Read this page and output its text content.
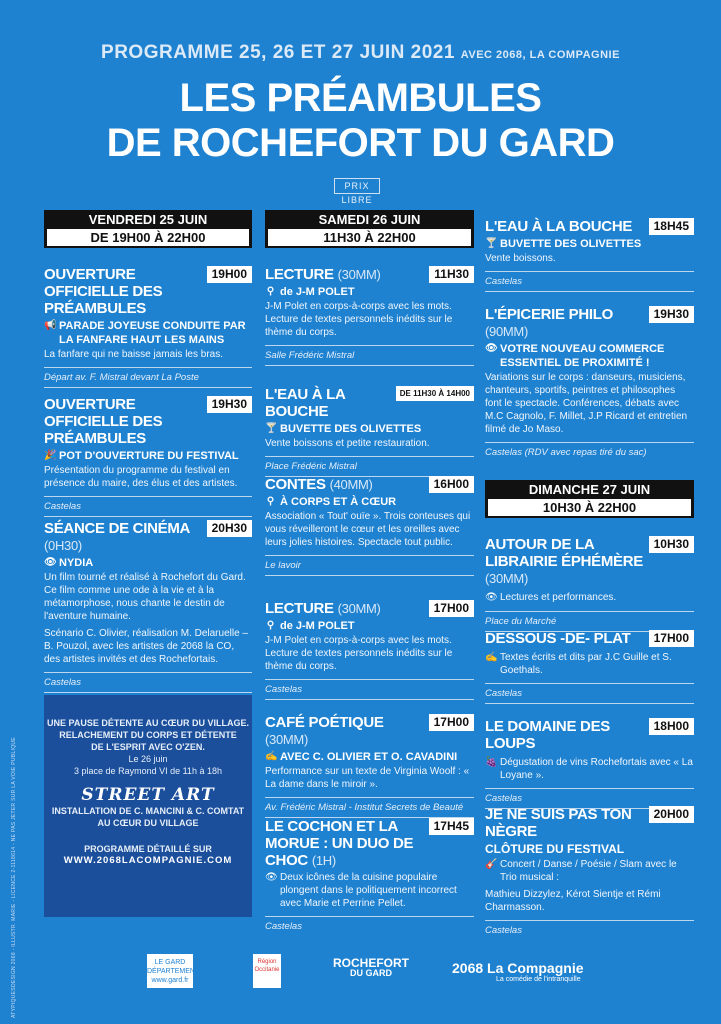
PROGRAMME 25, 26 ET 27 JUIN 2021 AVEC 2068, LA COMPAGNIE
LES PRÉAMBULES
DE ROCHEFORT DU GARD
PRIX LIBRE
VENDREDI 25 JUIN
DE 19H00 À 22H00
OUVERTURE OFFICIELLE DES PRÉAMBULES
19H00
📢 PARADE JOYEUSE CONDUITE PAR LA FANFARE HAUT LES MAINS
La fanfare qui ne baisse jamais les bras.
Départ av. F. Mistral devant La Poste
OUVERTURE OFFICIELLE DES PRÉAMBULES
19H30
🎉 POT D'OUVERTURE DU FESTIVAL
Présentation du programme du festival en présence du maire, des élus et des artistes.
Castelas
SÉANCE DE CINÉMA (0H30)
20H30
👁 NYDIA
Un film tourné et réalisé à Rochefort du Gard. Ce film comme une ode à la vie et à la métamorphose, nous chante le destin de l'aventure humaine.
Scénario C. Olivier, réalisation M. Delaruelle – B. Pouzol, avec les artistes de 2068 la CO, des artistes invités et des Rochefortais.
Castelas
UNE PAUSE DÉTENTE AU CŒUR DU VILLAGE.
RELACHEMENT DU CORPS ET DÉTENTE
DE L'ESPRIT AVEC O'ZEN.
Le 26 juin
3 place de Raymond VI de 11h à 18h
STREET ART
INSTALLATION DE C. MANCINI & C. COMTAT
AU CŒUR DU VILLAGE
PROGRAMME DÉTAILLÉ SUR
WWW.2068LACOMPAGNIE.COM
SAMEDI 26 JUIN
11H30 À 22H00
LECTURE (30MM)	11H30
⚲ de J-M POLET
J-M Polet en corps-à-corps avec les mots. Lecture de textes personnels inédits sur le thème du corps.
Salle Frédéric Mistral
L'EAU À LA BOUCHE
DE 11H30 À 14H00
🍸 BUVETTE DES OLIVETTES
Vente boissons et petite restauration.
Place Frédéric Mistral
CONTES (40MM)	16H00
⚲ À CORPS ET À CŒUR
Association « Tout' ouïe ». Trois conteuses qui vous réveilleront le cœur et les oreilles avec leurs jolies histoires. Spectacle tout public.
Le lavoir
LECTURE (30MM)	17H00
⚲ de J-M POLET
J-M Polet en corps-à-corps avec les mots. Lecture de textes personnels inédits sur le thème du corps.
Castelas
CAFÉ POÉTIQUE (30MM)
17H00
✍ AVEC C. OLIVIER ET O. CAVADINI
Performance sur un texte de Virginia Woolf : « La dame dans le miroir ».
Av. Frédéric Mistral - Institut Secrets de Beauté
LE COCHON ET LA MORUE : UN DUO DE CHOC (1H)
17H45
👁 Deux icônes de la cuisine populaire plongent dans le politiquement incorrect avec Marie et Perrine Pellet.
Castelas
L'EAU À LA BOUCHE	18H45
🍸 BUVETTE DES OLIVETTES
Vente boissons.
Castelas
L'ÉPICERIE PHILO (90MM)
19H30
👁 VOTRE NOUVEAU COMMERCE ESSENTIEL DE PROXIMITÉ !
Variations sur le corps : danseurs, musiciens, chanteurs, sportifs, peintres et philosophes font le spectacle. Conférences, débats avec M.C Cagnolo, F. Millet, J.P Ricard et entretien filmé de Jo Maso.
Castelas (RDV avec repas tiré du sac)
DIMANCHE 27 JUIN
10H30 À 22H00
AUTOUR DE LA LIBRAIRIE ÉPHÉMÈRE (30MM)
10H30
👁 Lectures et performances.
Place du Marché
DESSOUS -DE- PLAT	17H00
✍ Textes écrits et dits par J.C Guille et S. Goethals.
Castelas
LE DOMAINE DES LOUPS
18H00
🍇 Dégustation de vins Rochefortais avec « La Loyane ».
Castelas
JE NE SUIS PAS TON NÈGRE
20H00
CLÔTURE DU FESTIVAL
🎸 Concert / Danse / Poésie / Slam avec le Trio musical :
Mathieu Dizzylez, Kérot Sientje et Rémi Charmasson.
Castelas
LE GARD
DÉPARTEMENT
www.gard.fr
Région Occitanie	ROCHEFORT
DU GARD	2068 La Compagnie
La comédie de l'intranquille
ATYPIQUESDESIGN 2068 - ILLUSTR. MARIE - LICENCE 2-1118614 - NE PAS JETER SUR LA VOIE PUBLIQUE
